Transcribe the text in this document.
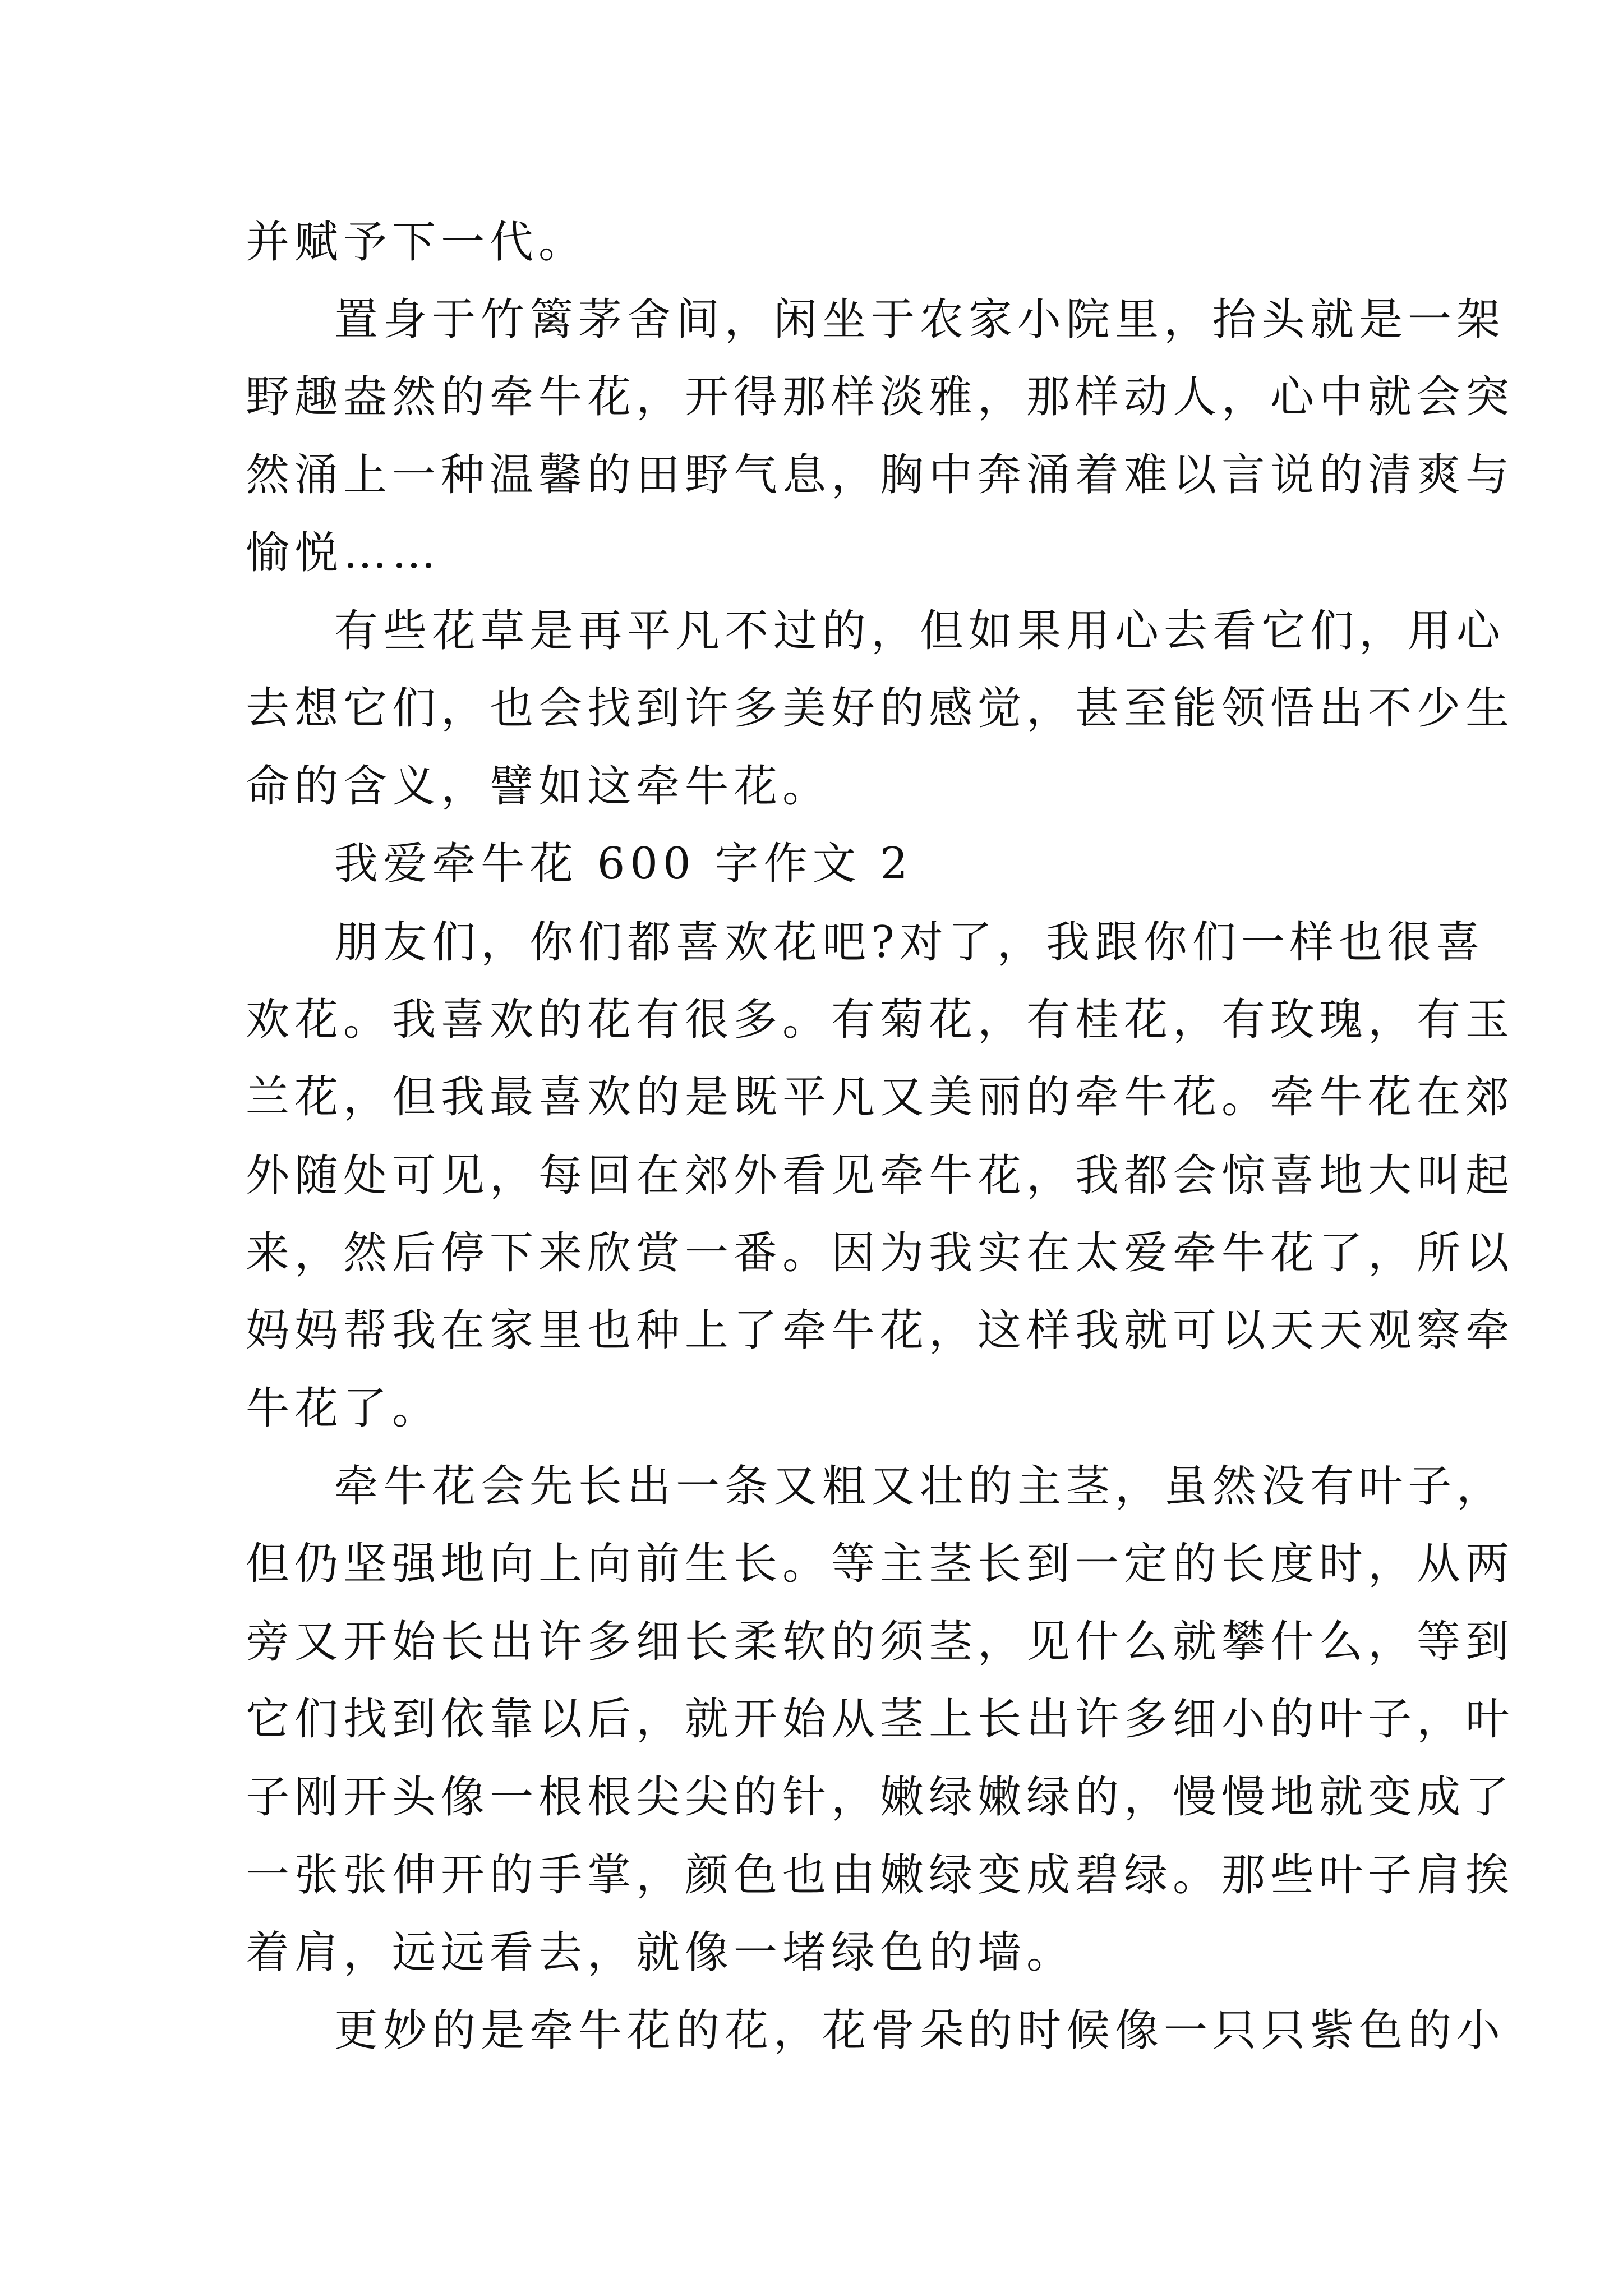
并赋予下一代。
置身于竹篱茅舍间，闲坐于农家小院里，抬头就是一架
野趣盎然的牵牛花，开得那样淡雅，那样动人，心中就会突
然涌上一种温馨的田野气息，胸中奔涌着难以言说的清爽与
愉悦……
有些花草是再平凡不过的，但如果用心去看它们，用心
去想它们，也会找到许多美好的感觉，甚至能领悟出不少生
命的含义，譬如这牵牛花。
我爱牵牛花 600 字作文 2
朋友们，你们都喜欢花吧?对了，我跟你们一样也很喜
欢花。我喜欢的花有很多。有菊花，有桂花，有玫瑰，有玉
兰花，但我最喜欢的是既平凡又美丽的牵牛花。牵牛花在郊
外随处可见，每回在郊外看见牵牛花，我都会惊喜地大叫起
来，然后停下来欣赏一番。因为我实在太爱牵牛花了，所以
妈妈帮我在家里也种上了牵牛花，这样我就可以天天观察牵
牛花了。
牵牛花会先长出一条又粗又壮的主茎，虽然没有叶子，
但仍坚强地向上向前生长。等主茎长到一定的长度时，从两
旁又开始长出许多细长柔软的须茎，见什么就攀什么，等到
它们找到依靠以后，就开始从茎上长出许多细小的叶子，叶
子刚开头像一根根尖尖的针，嫩绿嫩绿的，慢慢地就变成了
一张张伸开的手掌，颜色也由嫩绿变成碧绿。那些叶子肩挨
着肩，远远看去，就像一堵绿色的墙。
更妙的是牵牛花的花，花骨朵的时候像一只只紫色的小
